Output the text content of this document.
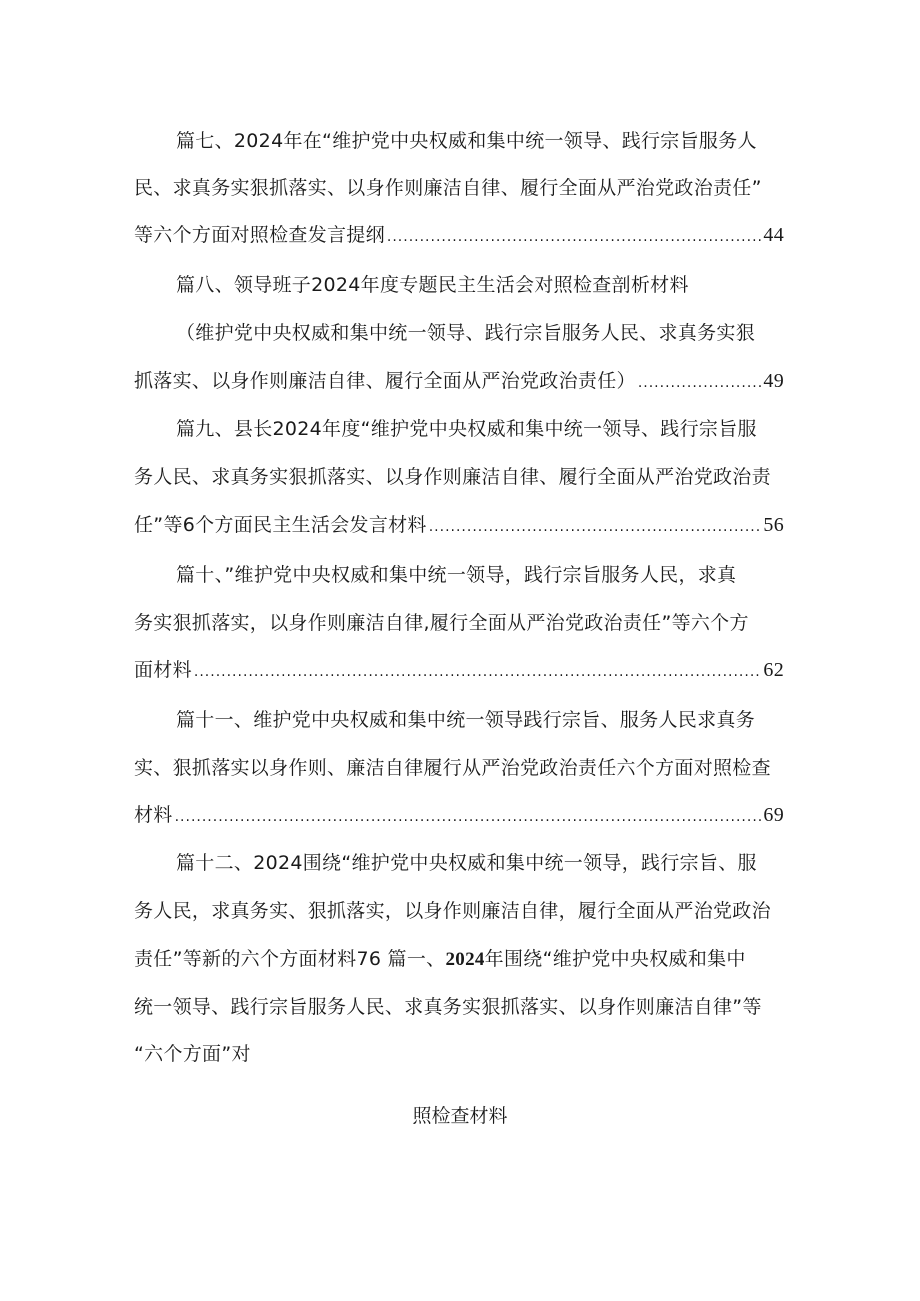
篇七、2024年在“维护党中央权威和集中统一领导、践行宗旨服务人
民、求真务实狠抓落实、以身作则廉洁自律、履行全面从严治党政治责任”
等六个方面对照检查发言提纲 .....	44
篇八、领导班子2024年度专题民主生活会对照检查剖析材料
（维护党中央权威和集中统一领导、践行宗旨服务人民、求真务实狠
抓落实、以身作则廉洁自律、履行全面从严治党政治责任） .....	49
篇九、县长2024年度“维护党中央权威和集中统一领导、践行宗旨服
务人民、求真务实狠抓落实、以身作则廉洁自律、履行全面从严治党政治责
任”等6个方面民主生活会发言材料 .....	56
篇十、”维护党中央权威和集中统一领导，践行宗旨服务人民，求真
务实狠抓落实，以身作则廉洁自律,履行全面从严治党政治责任”等六个方
面材料 .....	62
篇十一、维护党中央权威和集中统一领导践行宗旨、服务人民求真务
实、狠抓落实以身作则、廉洁自律履行从严治党政治责任六个方面对照检查
材料 .....	69
篇十二、2024围绕“维护党中央权威和集中统一领导，践行宗旨、服
务人民，求真务实、狠抓落实，以身作则廉洁自律，履行全面从严治党政治
责任”等新的六个方面材料76 篇一、2024年围绕“维护党中央权威和集中
统一领导、践行宗旨服务人民、求真务实狠抓落实、以身作则廉洁自律”等
“六个方面”对
照检查材料
